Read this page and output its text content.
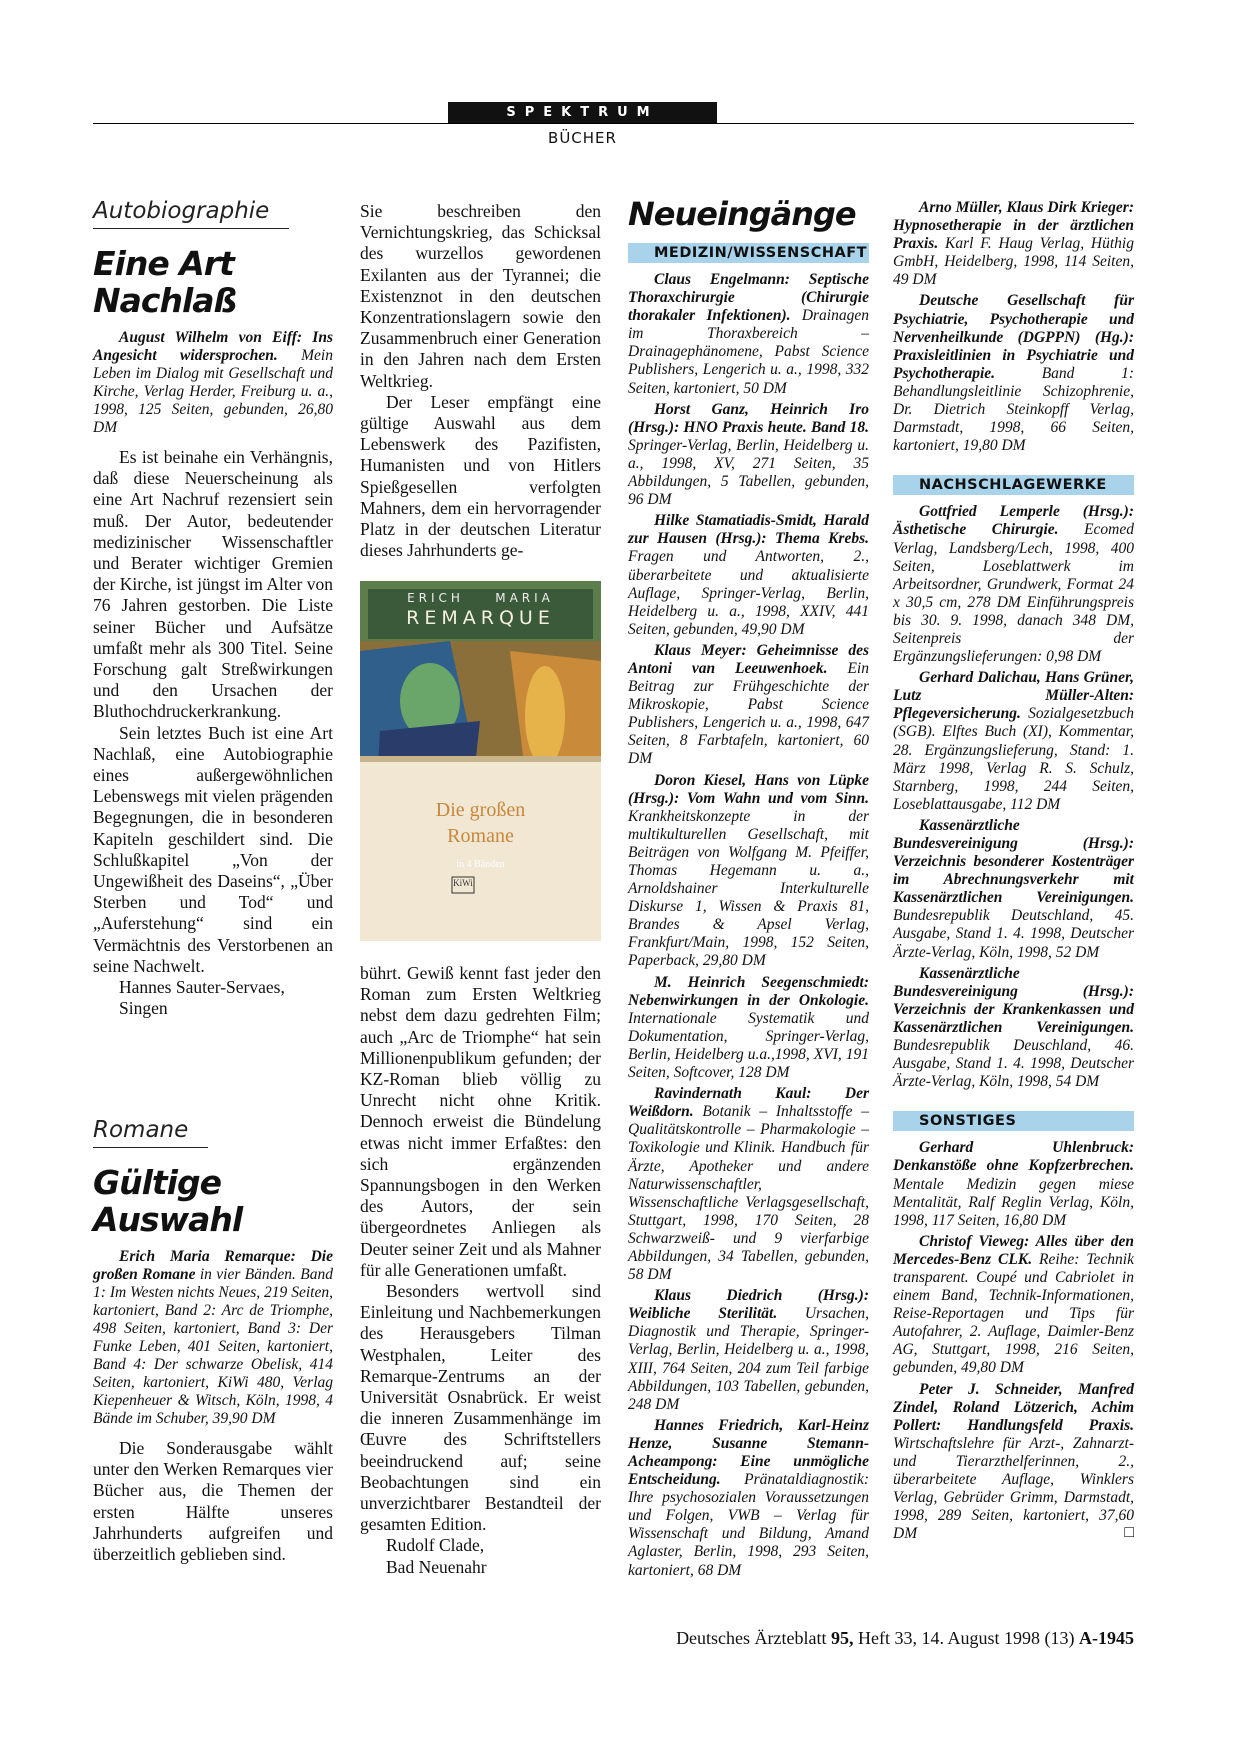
SPEKTRUM
BÜCHER
Autobiographie
Eine Art Nachlaß
August Wilhelm von Eiff: Ins Angesicht widersprochen. Mein Leben im Dialog mit Gesellschaft und Kirche, Verlag Herder, Freiburg u. a., 1998, 125 Seiten, gebunden, 26,80 DM

Es ist beinahe ein Verhängnis, daß diese Neuerscheinung als eine Art Nachruf rezensiert sein muß. Der Autor, bedeutender medizinischer Wissenschaftler und Berater wichtiger Gremien der Kirche, ist jüngst im Alter von 76 Jahren gestorben. Die Liste seiner Bücher und Aufsätze umfaßt mehr als 300 Titel. Seine Forschung galt Streßwirkungen und den Ursachen der Bluthochdruckerkrankung.

Sein letztes Buch ist eine Art Nachlaß, eine Autobiographie eines außergewöhnlichen Lebenswegs mit vielen prägenden Begegnungen, die in besonderen Kapiteln geschildert sind. Die Schlußkapitel „Von der Ungewißheit des Daseins“, „Über Sterben und Tod“ und „Auferstehung“ sind ein Vermächtnis des Verstorbenen an seine Nachwelt.

Hannes Sauter-Servaes,
Singen
Romane
Gültige Auswahl
Erich Maria Remarque: Die großen Romane in vier Bänden. Band 1: Im Westen nichts Neues, 219 Seiten, kartoniert, Band 2: Arc de Triomphe, 498 Seiten, kartoniert, Band 3: Der Funke Leben, 401 Seiten, kartoniert, Band 4: Der schwarze Obelisk, 414 Seiten, kartoniert, KiWi 480, Verlag Kiepenheuer & Witsch, Köln, 1998, 4 Bände im Schuber, 39,90 DM

Die Sonderausgabe wählt unter den Werken Remarques vier Bücher aus, die Themen der ersten Hälfte unseres Jahrhunderts aufgreifen und überzeitlich geblieben sind.

Sie beschreiben den Vernichtungskrieg, das Schicksal des wurzellos gewordenen Exilanten aus der Tyrannei; die Existenznot in den deutschen Konzentrationslagern sowie den Zusammenbruch einer Generation in den Jahren nach dem Ersten Weltkrieg.

Der Leser empfängt eine gültige Auswahl aus dem Lebenswerk des Pazifisten, Humanisten und von Hitlers Spießgesellen verfolgten Mahners, dem ein hervorragender Platz in der deutschen Literatur dieses Jahrhunderts ge-

ERICH	MARIA
REMARQUE
Die großen
Romane
in 4 Bänden
KiWi

bührt. Gewiß kennt fast jeder den Roman zum Ersten Weltkrieg nebst dem dazu gedrehten Film; auch „Arc de Triomphe“ hat sein Millionenpublikum gefunden; der KZ-Roman blieb völlig zu Unrecht nicht ohne Kritik. Dennoch erweist die Bündelung etwas nicht immer Erfaßtes: den sich ergänzenden Spannungsbogen in den Werken des Autors, der sein übergeordnetes Anliegen als Deuter seiner Zeit und als Mahner für alle Generationen umfaßt.

Besonders wertvoll sind Einleitung und Nachbemerkungen des Herausgebers Tilman Westphalen, Leiter des Remarque-Zentrums an der Universität Osnabrück. Er weist die inneren Zusammenhänge im Œuvre des Schriftstellers beeindruckend auf; seine Beobachtungen sind ein unverzichtbarer Bestandteil der gesamten Edition.

Rudolf Clade,
Bad Neuenahr
Neueingänge
MEDIZIN/WISSENSCHAFT

Claus Engelmann: Septische Thoraxchirurgie (Chirurgie thorakaler Infektionen). Drainagen im Thoraxbereich – Drainagephänomene, Pabst Science Publishers, Lengerich u. a., 1998, 332 Seiten, kartoniert, 50 DM

Horst Ganz, Heinrich Iro (Hrsg.): HNO Praxis heute. Band 18. Springer-Verlag, Berlin, Heidelberg u. a., 1998, XV, 271 Seiten, 35 Abbildungen, 5 Tabellen, gebunden, 96 DM

Hilke Stamatiadis-Smidt, Harald zur Hausen (Hrsg.): Thema Krebs. Fragen und Antworten, 2., überarbeitete und aktualisierte Auflage, Springer-Verlag, Berlin, Heidelberg u. a., 1998, XXIV, 441 Seiten, gebunden, 49,90 DM

Klaus Meyer: Geheimnisse des Antoni van Leeuwenhoek. Ein Beitrag zur Frühgeschichte der Mikroskopie, Pabst Science Publishers, Lengerich u. a., 1998, 647 Seiten, 8 Farbtafeln, kartoniert, 60 DM

Doron Kiesel, Hans von Lüpke (Hrsg.): Vom Wahn und vom Sinn. Krankheitskonzepte in der multikulturellen Gesellschaft, mit Beiträgen von Wolfgang M. Pfeiffer, Thomas Hegemann u. a., Arnoldshainer Interkulturelle Diskurse 1, Wissen & Praxis 81, Brandes & Apsel Verlag, Frankfurt/Main, 1998, 152 Seiten, Paperback, 29,80 DM

M. Heinrich Seegenschmiedt: Nebenwirkungen in der Onkologie. Internationale Systematik und Dokumentation, Springer-Verlag, Berlin, Heidelberg u.a.,1998, XVI, 191 Seiten, Softcover, 128 DM

Ravindernath Kaul: Der Weißdorn. Botanik – Inhaltsstoffe – Qualitätskontrolle – Pharmakologie – Toxikologie und Klinik. Handbuch für Ärzte, Apotheker und andere Naturwissenschaftler, Wissenschaftliche Verlagsgesellschaft, Stuttgart, 1998, 170 Seiten, 28 Schwarzweiß- und 9 vierfarbige Abbildungen, 34 Tabellen, gebunden, 58 DM

Klaus Diedrich (Hrsg.): Weibliche Sterilität. Ursachen, Diagnostik und Therapie, Springer-Verlag, Berlin, Heidelberg u. a., 1998, XIII, 764 Seiten, 204 zum Teil farbige Abbildungen, 103 Tabellen, gebunden, 248 DM

Hannes Friedrich, Karl-Heinz Henze, Susanne Stemann-Acheampong: Eine unmögliche Entscheidung. Pränataldiagnostik: Ihre psychosozialen Voraussetzungen und Folgen, VWB – Verlag für Wissenschaft und Bildung, Amand Aglaster, Berlin, 1998, 293 Seiten, kartoniert, 68 DM

Arno Müller, Klaus Dirk Krieger: Hypnosetherapie in der ärztlichen Praxis. Karl F. Haug Verlag, Hüthig GmbH, Heidelberg, 1998, 114 Seiten, 49 DM

Deutsche Gesellschaft für Psychiatrie, Psychotherapie und Nervenheilkunde (DGPPN) (Hg.): Praxisleitlinien in Psychiatrie und Psychotherapie. Band 1: Behandlungsleitlinie Schizophrenie, Dr. Dietrich Steinkopff Verlag, Darmstadt, 1998, 66 Seiten, kartoniert, 19,80 DM

NACHSCHLAGEWERKE

Gottfried Lemperle (Hrsg.): Ästhetische Chirurgie. Ecomed Verlag, Landsberg/Lech, 1998, 400 Seiten, Loseblattwerk im Arbeitsordner, Grundwerk, Format 24 x 30,5 cm, 278 DM Einführungspreis bis 30. 9. 1998, danach 348 DM, Seitenpreis der Ergänzungslieferungen: 0,98 DM

Gerhard Dalichau, Hans Grüner, Lutz Müller-Alten: Pflegeversicherung. Sozialgesetzbuch (SGB). Elftes Buch (XI), Kommentar, 28. Ergänzungslieferung, Stand: 1. März 1998, Verlag R. S. Schulz, Starnberg, 1998, 244 Seiten, Loseblattausgabe, 112 DM

Kassenärztliche Bundesvereinigung (Hrsg.): Verzeichnis besonderer Kostenträger im Abrechnungsverkehr mit Kassenärztlichen Vereinigungen. Bundesrepublik Deutschland, 45. Ausgabe, Stand 1. 4. 1998, Deutscher Ärzte-Verlag, Köln, 1998, 52 DM

Kassenärztliche Bundesvereinigung (Hrsg.): Verzeichnis der Krankenkassen und Kassenärztlichen Vereinigungen. Bundesrepublik Deuschland, 46. Ausgabe, Stand 1. 4. 1998, Deutscher Ärzte-Verlag, Köln, 1998, 54 DM

SONSTIGES

Gerhard Uhlenbruck: Denkanstöße ohne Kopfzerbrechen. Mentale Medizin gegen miese Mentalität, Ralf Reglin Verlag, Köln, 1998, 117 Seiten, 16,80 DM

Christof Vieweg: Alles über den Mercedes-Benz CLK. Reihe: Technik transparent. Coupé und Cabriolet in einem Band, Technik-Informationen, Reise-Reportagen und Tips für Autofahrer, 2. Auflage, Daimler-Benz AG, Stuttgart, 1998, 216 Seiten, gebunden, 49,80 DM

Peter J. Schneider, Manfred Zindel, Roland Lötzerich, Achim Pollert: Handlungsfeld Praxis. Wirtschaftslehre für Arzt-, Zahnarzt- und Tierarzthelferinnen, 2., überarbeitete Auflage, Winklers Verlag, Gebrüder Grimm, Darmstadt, 1998, 289 Seiten, kartoniert, 37,60 DM	□
Deutsches Ärzteblatt 95, Heft 33, 14. August 1998 (13) A-1945
